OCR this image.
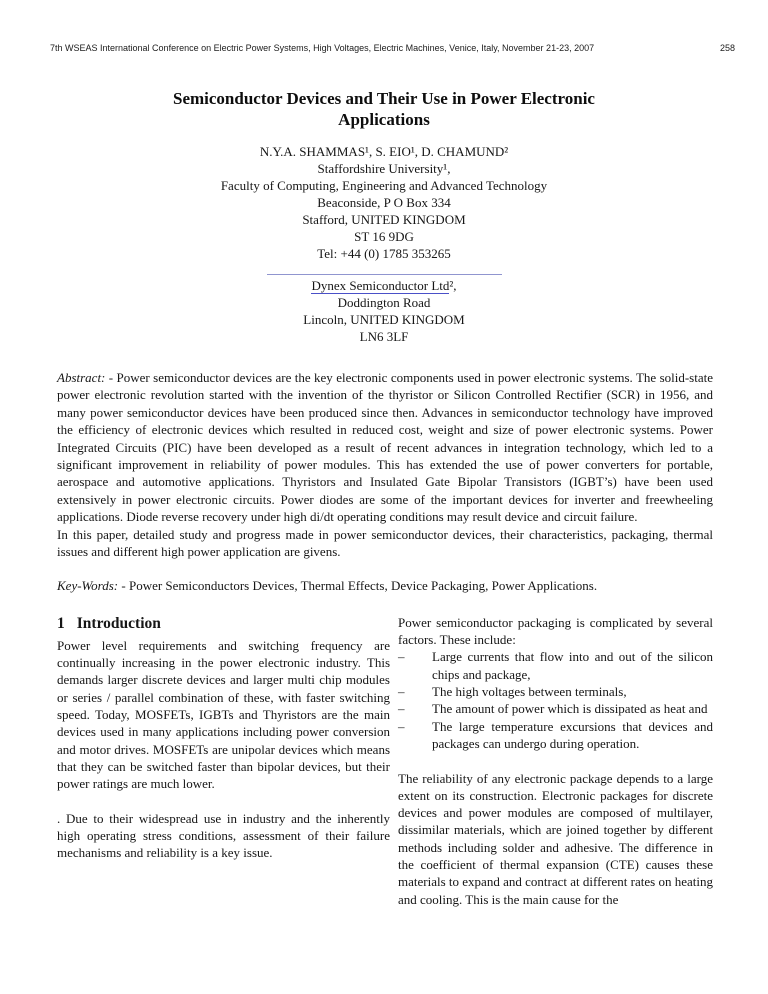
7th WSEAS International Conference on Electric Power Systems, High Voltages, Electric Machines, Venice, Italy, November 21-23, 2007	258
Semiconductor Devices and Their Use in Power Electronic
Applications
N.Y.A. SHAMMAS¹, S. EIO¹, D. CHAMUND²
Staffordshire University¹,
Faculty of Computing, Engineering and Advanced Technology
Beaconside, P O Box 334
Stafford, UNITED KINGDOM
ST 16 9DG
Tel: +44 (0) 1785 353265
Dynex Semiconductor Ltd²,
Doddington Road
Lincoln, UNITED KINGDOM
LN6 3LF

Abstract: - Power semiconductor devices are the key electronic components used in power electronic systems. The solid-state power electronic revolution started with the invention of the thyristor or Silicon Controlled Rectifier (SCR) in 1956, and many power semiconductor devices have been produced since then. Advances in semiconductor technology have improved the efficiency of electronic devices which resulted in reduced cost, weight and size of power electronic systems. Power Integrated Circuits (PIC) have been developed as a result of recent advances in integration technology, which led to a significant improvement in reliability of power modules. This has extended the use of power converters for portable, aerospace and automotive applications. Thyristors and Insulated Gate Bipolar Transistors (IGBT’s) have been used extensively in power electronic circuits. Power diodes are some of the important devices for inverter and freewheeling applications. Diode reverse recovery under high di/dt operating conditions may result device and circuit failure.

In this paper, detailed study and progress made in power semiconductor devices, their characteristics, packaging, thermal issues and different high power application are givens.

Key-Words: - Power Semiconductors Devices, Thermal Effects, Device Packaging, Power Applications.
1 Introduction

Power level requirements and switching frequency are continually increasing in the power electronic industry. This demands larger discrete devices and larger multi chip modules or series / parallel combination of these, with faster switching speed. Today, MOSFETs, IGBTs and Thyristors are the main devices used in many applications including power conversion and motor drives. MOSFETs are unipolar devices which means that they can be switched faster than bipolar devices, but their power ratings are much lower.

. Due to their widespread use in industry and the inherently high operating stress conditions, assessment of their failure mechanisms and reliability is a key issue.

Power semiconductor packaging is complicated by several factors. These include:

–	Large currents that flow into and out of the silicon chips and package,
–	The high voltages between terminals,
–	The amount of power which is dissipated as heat and
–	The large temperature excursions that devices and packages can undergo during operation.

The reliability of any electronic package depends to a large extent on its construction. Electronic packages for discrete devices and power modules are composed of multilayer, dissimilar materials, which are joined together by different methods including solder and adhesive. The difference in the coefficient of thermal expansion (CTE) causes these materials to expand and contract at different rates on heating and cooling. This is the main cause for the
